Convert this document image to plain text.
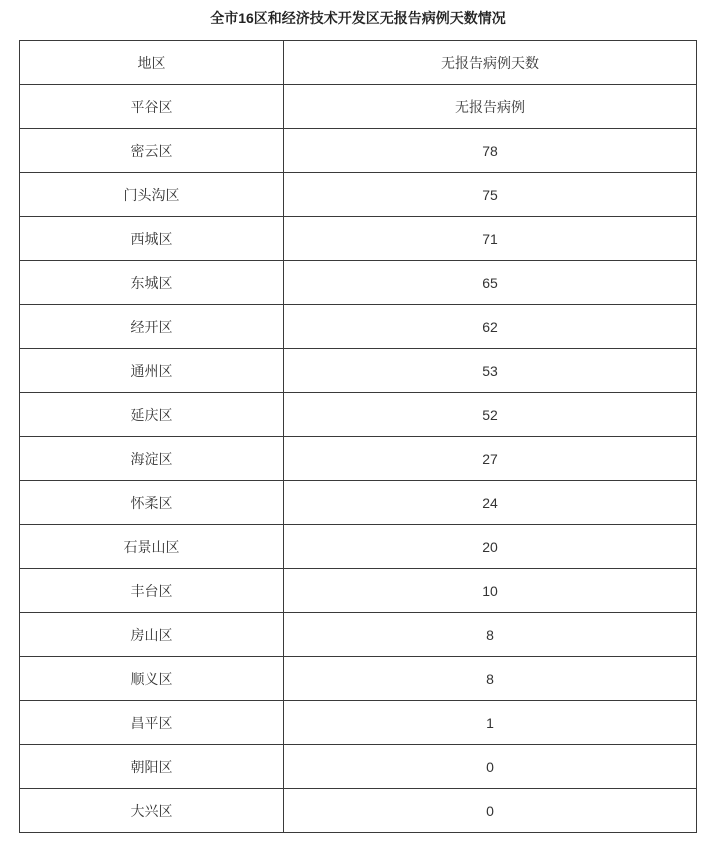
全市16区和经济技术开发区无报告病例天数情况
地区	无报告病例天数
平谷区	无报告病例
密云区	78
门头沟区	75
西城区	71
东城区	65
经开区	62
通州区	53
延庆区	52
海淀区	27
怀柔区	24
石景山区	20
丰台区	10
房山区	8
顺义区	8
昌平区	1
朝阳区	0
大兴区	0
